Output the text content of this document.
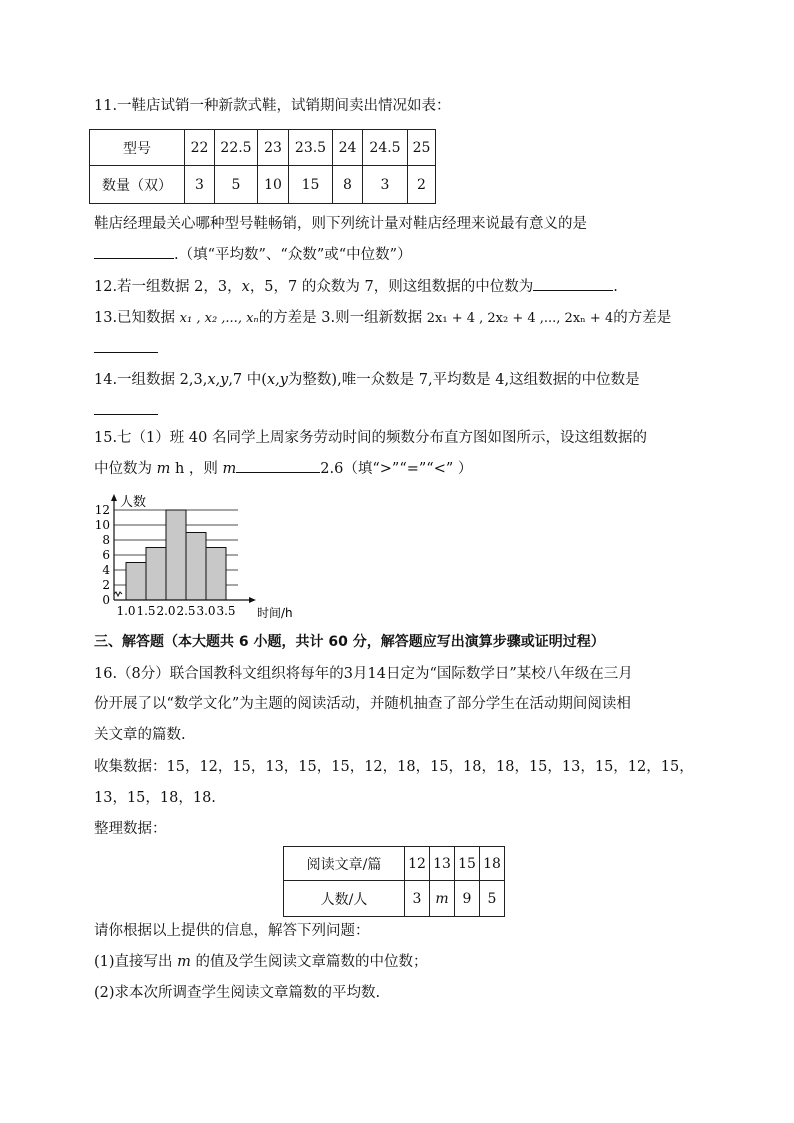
11.一鞋店试销一种新款式鞋，试销期间卖出情况如表：
型号	22	22.5	23	23.5	24	24.5	25
数量（双）	3	5	10	15	8	3	2
鞋店经理最关心哪种型号鞋畅销，则下列统计量对鞋店经理来说最有意义的是
.（填“平均数”、“众数”或“中位数”）
12.若一组数据 2，3，x，5，7 的众数为 7，则这组数据的中位数为	.
13.已知数据 x₁ , x₂ ,..., xₙ的方差是 3.则一组新数据 2x₁ + 4 , 2x₂ + 4 ,..., 2xₙ + 4的方差是
14.一组数据 2,3,x,y,7 中(x,y为整数),唯一众数是 7,平均数是 4,这组数据的中位数是
15.七（1）班 40 名同学上周家务劳动时间的频数分布直方图如图所示，设这组数据的
中位数为 m h ，则 m	2.6（填“>”“=”“<” ）
0
2
4
6
8
10
12
1.0 1.5 2.0 2.5 3.0 3.5
人数
时间/h
三、解答题（本大题共 6 小题，共计 60 分，解答题应写出演算步骤或证明过程）
16.（8分）联合国教科文组织将每年的3月14日定为“国际数学日”某校八年级在三月
份开展了以“数学文化”为主题的阅读活动，并随机抽查了部分学生在活动期间阅读相
关文章的篇数.
收集数据：15，12，15，13，15，15，12，18，15，18，18，15，13，15，12，15，
13，15，18，18.
整理数据：
阅读文章/篇	12	13	15	18
人数/人	3	m	9	5
请你根据以上提供的信息，解答下列问题：
(1)直接写出 m 的值及学生阅读文章篇数的中位数；
(2)求本次所调查学生阅读文章篇数的平均数.
